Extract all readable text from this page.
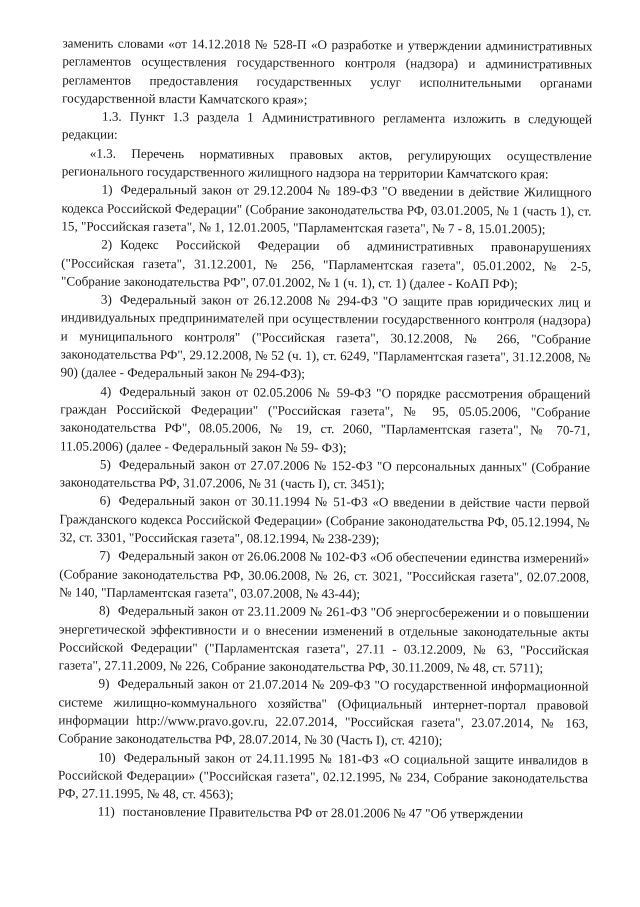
заменить словами «от 14.12.2018 № 528-П «О разработке и утверждении административных регламентов осуществления государственного контроля (надзора) и административных регламентов предоставления государственных услуг исполнительными органами государственной власти Камчатского края»;

1.3. Пункт 1.3 раздела 1 Административного регламента изложить в следующей редакции:

«1.3. Перечень нормативных правовых актов, регулирующих осуществление регионального государственного жилищного надзора на территории Камчатского края:

1) Федеральный закон от 29.12.2004 № 189-ФЗ "О введении в действие Жилищного кодекса Российской Федерации" (Собрание законодательства РФ, 03.01.2005, № 1 (часть 1), ст. 15, "Российская газета", № 1, 12.01.2005, "Парламентская газета", № 7 - 8, 15.01.2005);

2) Кодекс Российской Федерации об административных правонарушениях ("Российская газета", 31.12.2001, № 256, "Парламентская газета", 05.01.2002, № 2-5, "Собрание законодательства РФ", 07.01.2002, № 1 (ч. 1), ст. 1) (далее - КоАП РФ);

3) Федеральный закон от 26.12.2008 № 294-ФЗ "О защите прав юридических лиц и индивидуальных предпринимателей при осуществлении государственного контроля (надзора) и муниципального контроля" ("Российская газета", 30.12.2008, № 266, "Собрание законодательства РФ", 29.12.2008, № 52 (ч. 1), ст. 6249, "Парламентская газета", 31.12.2008, № 90) (далее - Федеральный закон № 294-ФЗ);

4) Федеральный закон от 02.05.2006 № 59-ФЗ "О порядке рассмотрения обращений граждан Российской Федерации" ("Российская газета", № 95, 05.05.2006, "Собрание законодательства РФ", 08.05.2006, № 19, ст. 2060, "Парламентская газета", № 70-71, 11.05.2006) (далее - Федеральный закон № 59- ФЗ);

5) Федеральный закон от 27.07.2006 № 152-ФЗ "О персональных данных" (Собрание законодательства РФ, 31.07.2006, № 31 (часть I), ст. 3451);

6) Федеральный закон от 30.11.1994 № 51-ФЗ «О введении в действие части первой Гражданского кодекса Российской Федерации» (Собрание законодательства РФ, 05.12.1994, № 32, ст. 3301, "Российская газета", 08.12.1994, № 238-239);

7) Федеральный закон от 26.06.2008 № 102-ФЗ «Об обеспечении единства измерений» (Собрание законодательства РФ, 30.06.2008, № 26, ст. 3021, "Российская газета", 02.07.2008, № 140, "Парламентская газета", 03.07.2008, № 43-44);

8) Федеральный закон от 23.11.2009 № 261-ФЗ "Об энергосбережении и о повышении энергетической эффективности и о внесении изменений в отдельные законодательные акты Российской Федерации" ("Парламентская газета", 27.11 - 03.12.2009, № 63, "Российская газета", 27.11.2009, № 226, Собрание законодательства РФ, 30.11.2009, № 48, ст. 5711);

9) Федеральный закон от 21.07.2014 № 209-ФЗ "О государственной информационной системе жилищно-коммунального хозяйства" (Официальный интернет-портал правовой информации http://www.pravo.gov.ru, 22.07.2014, "Российская газета", 23.07.2014, № 163, Собрание законодательства РФ, 28.07.2014, № 30 (Часть I), ст. 4210);

10) Федеральный закон от 24.11.1995 № 181-ФЗ «О социальной защите инвалидов в Российской Федерации» ("Российская газета", 02.12.1995, № 234, Собрание законодательства РФ, 27.11.1995, № 48, ст. 4563);

11) постановление Правительства РФ от 28.01.2006 № 47 "Об утверждении
